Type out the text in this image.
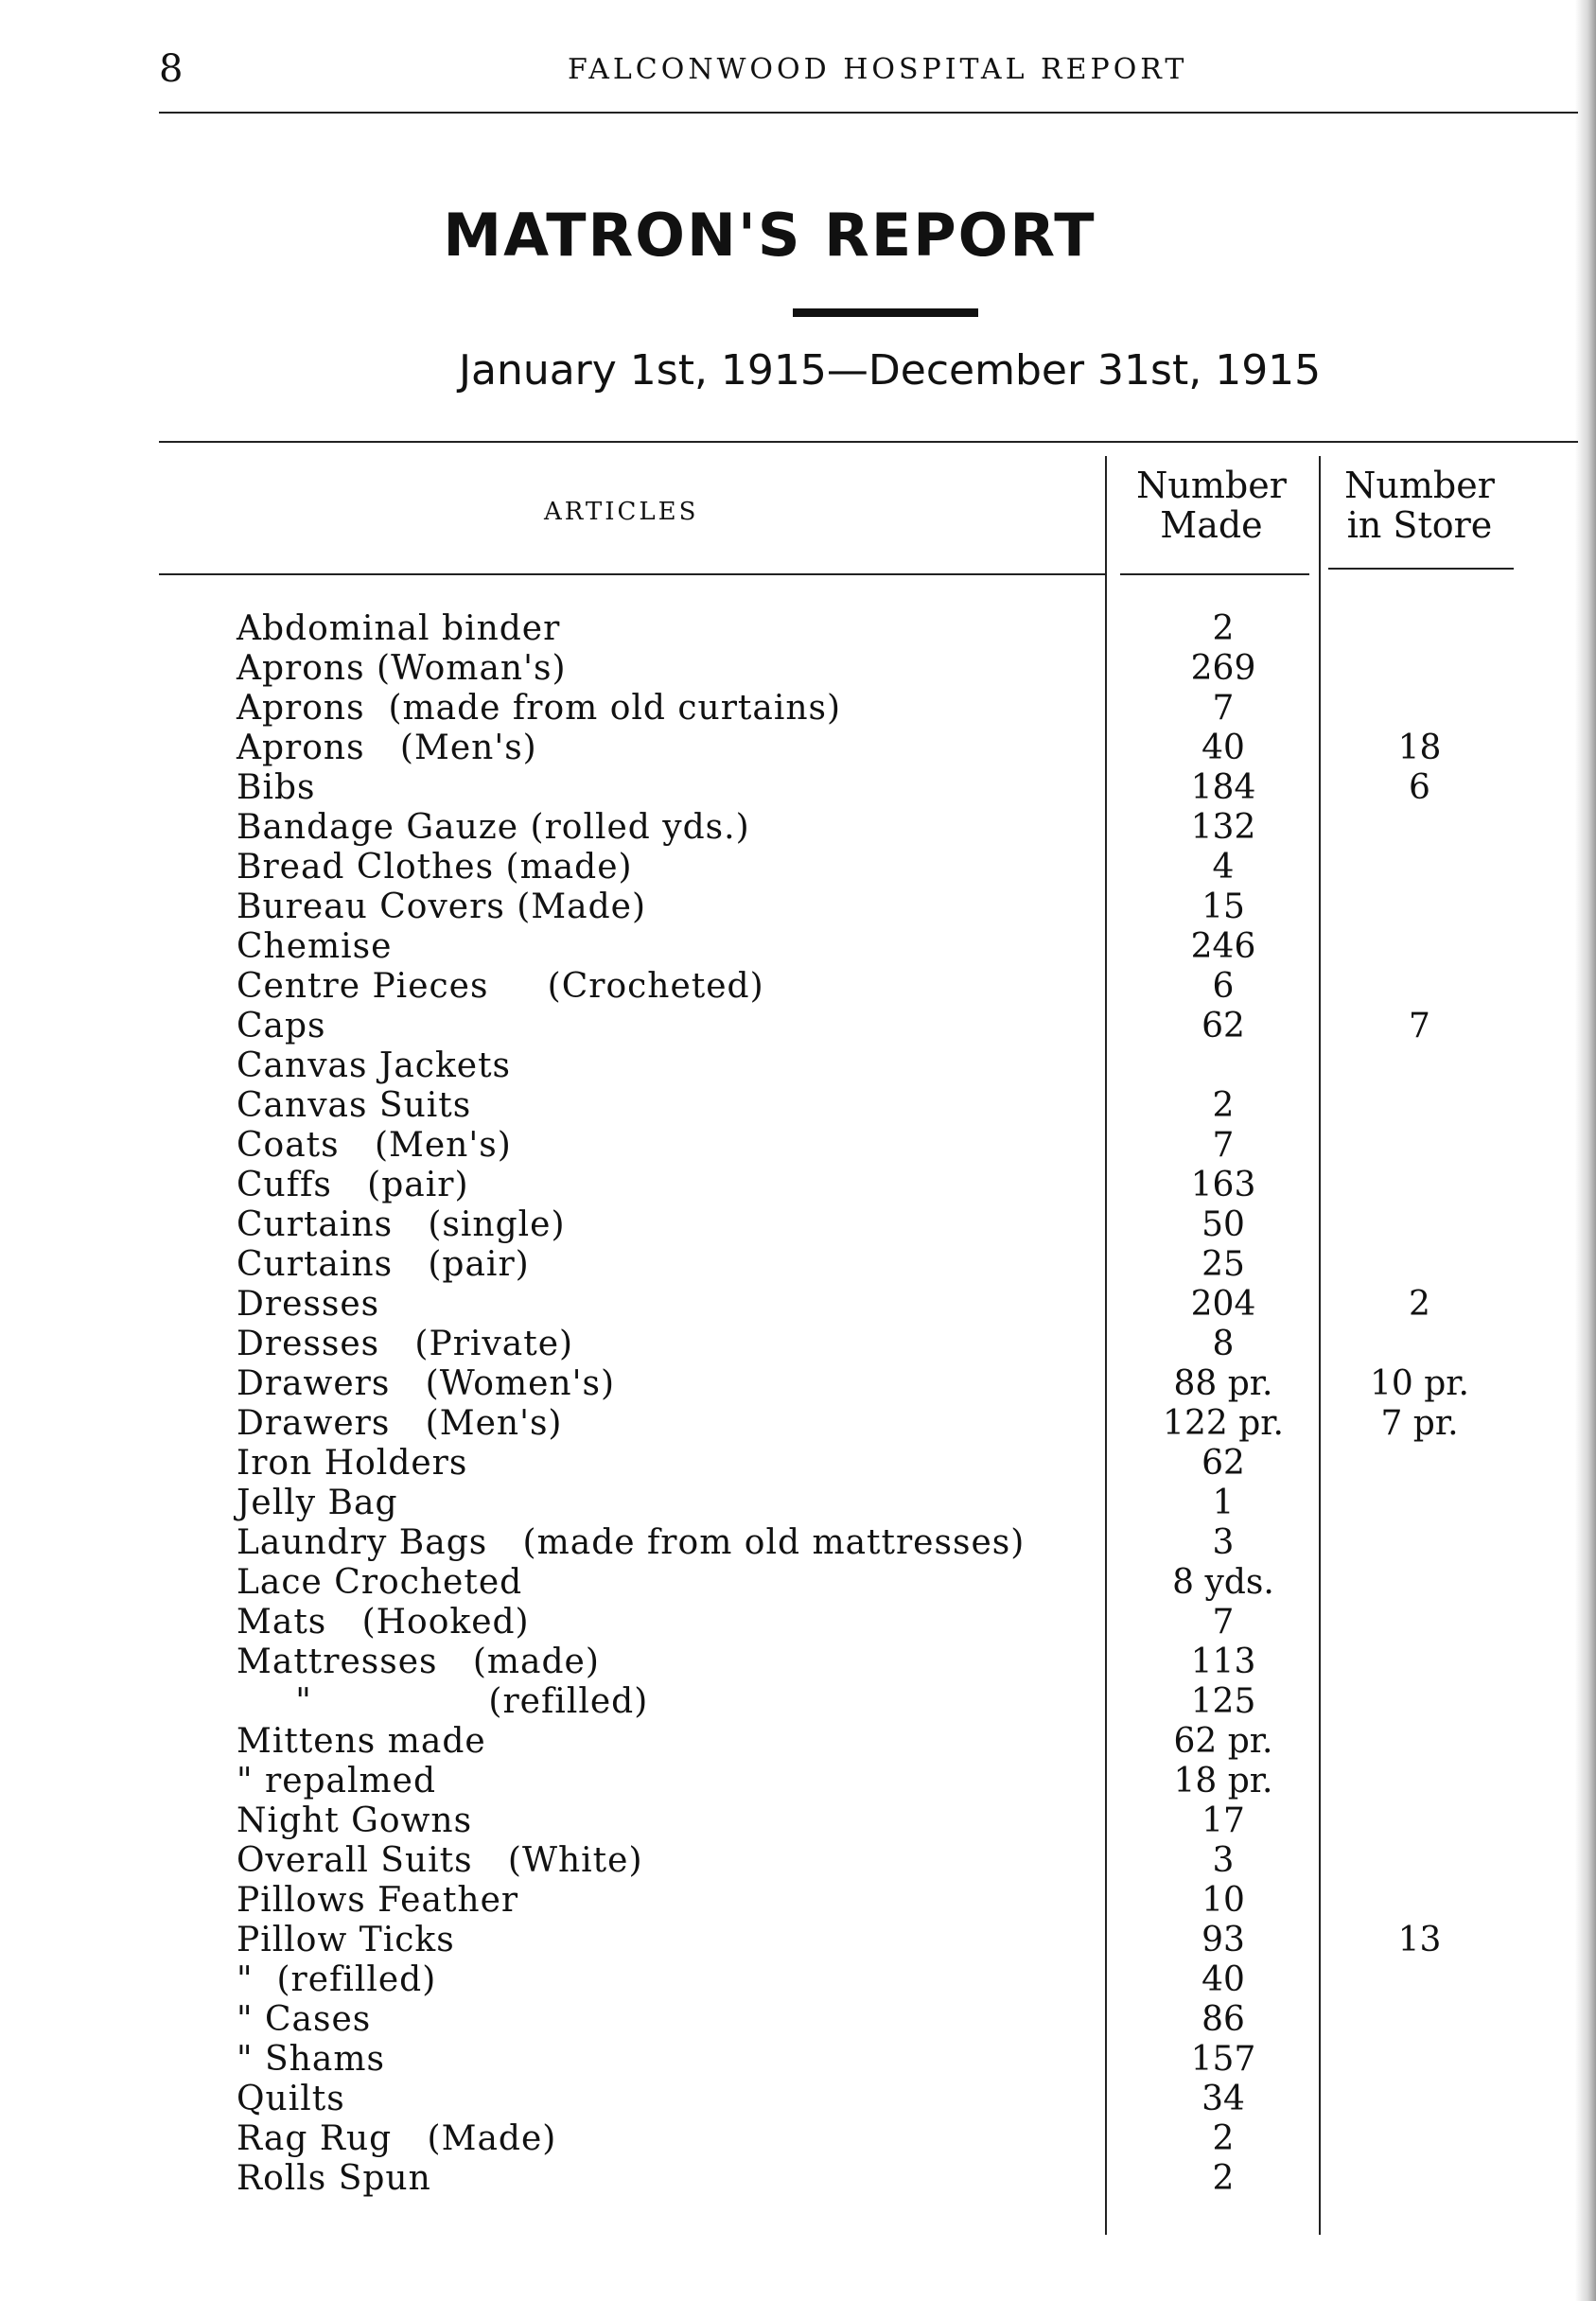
8	FALCONWOOD HOSPITAL REPORT
MATRON'S REPORT
January 1st, 1915—December 31st, 1915
ARTICLES
Number
Made
Number
in Store
Abdominal binder	2
Aprons (Woman's)	269
Aprons  (made from old curtains)	7
Aprons   (Men's)	40	18
Bibs	184	6
Bandage Gauze (rolled yds.)	132
Bread Clothes (made)	4
Bureau Covers (Made)	15
Chemise	246
Centre Pieces     (Crocheted)	6
Caps	62	7
Canvas Jackets
Canvas Suits	2
Coats   (Men's)	7
Cuffs   (pair)	163
Curtains   (single)	50
Curtains   (pair)	25
Dresses	204	2
Dresses   (Private)	8
Drawers   (Women's)	88 pr.	10 pr.
Drawers   (Men's)	122 pr.	7 pr.
Iron Holders	62
Jelly Bag	1
Laundry Bags   (made from old mattresses)	3
Lace Crocheted	8 yds.
Mats   (Hooked)	7
Mattresses   (made)	113
"               (refilled)	125
Mittens made	62 pr.
" repalmed	18 pr.
Night Gowns	17
Overall Suits   (White)	3
Pillows Feather	10
Pillow Ticks	93	13
"  (refilled)	40
" Cases	86
" Shams	157
Quilts	34
Rag Rug   (Made)	2
Rolls Spun	2
